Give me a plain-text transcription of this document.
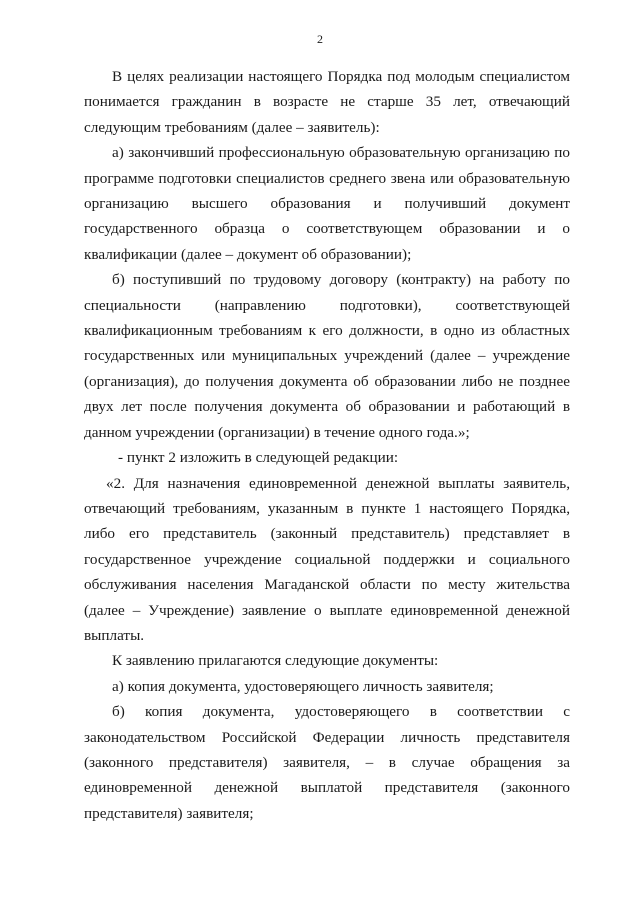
2

В целях реализации настоящего Порядка под молодым специалистом понимается гражданин в возрасте не старше 35 лет, отвечающий следующим требованиям (далее – заявитель):

а) закончивший профессиональную образовательную организацию по программе подготовки специалистов среднего звена или образовательную организацию высшего образования и получивший документ государственного образца о соответствующем образовании и о квалификации (далее – документ об образовании);

б) поступивший по трудовому договору (контракту) на работу по специальности (направлению подготовки), соответствующей квалификационным требованиям к его должности, в одно из областных государственных или муниципальных учреждений (далее – учреждение (организация), до получения документа об образовании либо не позднее двух лет после получения документа об образовании и работающий в данном учреждении (организации) в течение одного года.»;

- пункт 2 изложить в следующей редакции:

«2. Для назначения единовременной денежной выплаты заявитель, отвечающий требованиям, указанным в пункте 1 настоящего Порядка, либо его представитель (законный представитель) представляет в государственное учреждение социальной поддержки и социального обслуживания населения Магаданской области по месту жительства (далее – Учреждение) заявление о выплате единовременной денежной выплаты.

К заявлению прилагаются следующие документы:

а) копия документа, удостоверяющего личность заявителя;

б) копия документа, удостоверяющего в соответствии с законодательством Российской Федерации личность представителя (законного представителя) заявителя, – в случае обращения за единовременной денежной выплатой представителя (законного представителя) заявителя;
